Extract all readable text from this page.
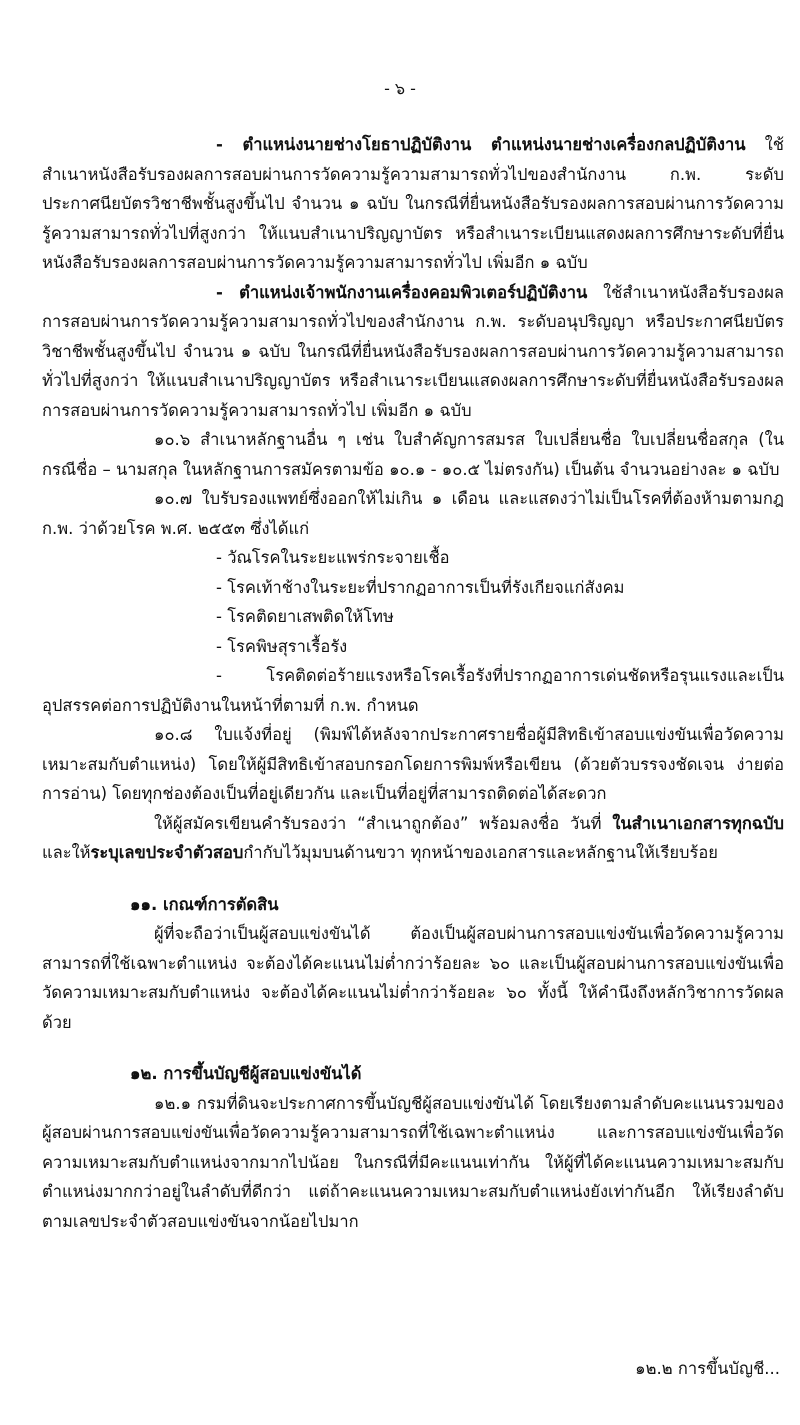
- ๖ -

- ตำแหน่งนายช่างโยธาปฏิบัติงาน ตำแหน่งนายช่างเครื่องกลปฏิบัติงาน ใช้สำเนาหนังสือรับรองผลการสอบผ่านการวัดความรู้ความสามารถทั่วไปของสำนักงาน ก.พ. ระดับประกาศนียบัตรวิชาชีพชั้นสูงขึ้นไป จำนวน ๑ ฉบับ ในกรณีที่ยื่นหนังสือรับรองผลการสอบผ่านการวัดความรู้ความสามารถทั่วไปที่สูงกว่า ให้แนบสำเนาปริญญาบัตร หรือสำเนาระเบียนแสดงผลการศึกษาระดับที่ยื่นหนังสือรับรองผลการสอบผ่านการวัดความรู้ความสามารถทั่วไป เพิ่มอีก ๑ ฉบับ

- ตำแหน่งเจ้าพนักงานเครื่องคอมพิวเตอร์ปฏิบัติงาน ใช้สำเนาหนังสือรับรองผลการสอบผ่านการวัดความรู้ความสามารถทั่วไปของสำนักงาน ก.พ. ระดับอนุปริญญา หรือประกาศนียบัตรวิชาชีพชั้นสูงขึ้นไป จำนวน ๑ ฉบับ ในกรณีที่ยื่นหนังสือรับรองผลการสอบผ่านการวัดความรู้ความสามารถทั่วไปที่สูงกว่า ให้แนบสำเนาปริญญาบัตร หรือสำเนาระเบียนแสดงผลการศึกษาระดับที่ยื่นหนังสือรับรองผลการสอบผ่านการวัดความรู้ความสามารถทั่วไป เพิ่มอีก ๑ ฉบับ

๑๐.๖ สำเนาหลักฐานอื่น ๆ เช่น ใบสำคัญการสมรส ใบเปลี่ยนชื่อ ใบเปลี่ยนชื่อสกุล (ในกรณีชื่อ – นามสกุล ในหลักฐานการสมัครตามข้อ ๑๐.๑ - ๑๐.๕ ไม่ตรงกัน) เป็นต้น จำนวนอย่างละ ๑ ฉบับ

๑๐.๗ ใบรับรองแพทย์ซึ่งออกให้ไม่เกิน ๑ เดือน และแสดงว่าไม่เป็นโรคที่ต้องห้ามตามกฎ ก.พ. ว่าด้วยโรค พ.ศ. ๒๕๕๓ ซึ่งได้แก่

- วัณโรคในระยะแพร่กระจายเชื้อ

- โรคเท้าช้างในระยะที่ปรากฏอาการเป็นที่รังเกียจแก่สังคม

- โรคติดยาเสพติดให้โทษ

- โรคพิษสุราเรื้อรัง

- โรคติดต่อร้ายแรงหรือโรคเรื้อรังที่ปรากฏอาการเด่นชัดหรือรุนแรงและเป็นอุปสรรคต่อการปฏิบัติงานในหน้าที่ตามที่ ก.พ. กำหนด

๑๐.๘ ใบแจ้งที่อยู่ (พิมพ์ได้หลังจากประกาศรายชื่อผู้มีสิทธิเข้าสอบแข่งขันเพื่อวัดความเหมาะสมกับตำแหน่ง) โดยให้ผู้มีสิทธิเข้าสอบกรอกโดยการพิมพ์หรือเขียน (ด้วยตัวบรรจงชัดเจน ง่ายต่อการอ่าน) โดยทุกช่องต้องเป็นที่อยู่เดียวกัน และเป็นที่อยู่ที่สามารถติดต่อได้สะดวก

ให้ผู้สมัครเขียนคำรับรองว่า “สำเนาถูกต้อง” พร้อมลงชื่อ วันที่ ในสำเนาเอกสารทุกฉบับ และให้ระบุเลขประจำตัวสอบกำกับไว้มุมบนด้านขวา ทุกหน้าของเอกสารและหลักฐานให้เรียบร้อย

๑๑. เกณฑ์การตัดสิน

ผู้ที่จะถือว่าเป็นผู้สอบแข่งขันได้ ต้องเป็นผู้สอบผ่านการสอบแข่งขันเพื่อวัดความรู้ความสามารถที่ใช้เฉพาะตำแหน่ง จะต้องได้คะแนนไม่ต่ำกว่าร้อยละ ๖๐ และเป็นผู้สอบผ่านการสอบแข่งขันเพื่อวัดความเหมาะสมกับตำแหน่ง จะต้องได้คะแนนไม่ต่ำกว่าร้อยละ ๖๐ ทั้งนี้ ให้คำนึงถึงหลักวิชาการวัดผลด้วย

๑๒. การขึ้นบัญชีผู้สอบแข่งขันได้

๑๒.๑ กรมที่ดินจะประกาศการขึ้นบัญชีผู้สอบแข่งขันได้ โดยเรียงตามลำดับคะแนนรวมของผู้สอบผ่านการสอบแข่งขันเพื่อวัดความรู้ความสามารถที่ใช้เฉพาะตำแหน่ง และการสอบแข่งขันเพื่อวัดความเหมาะสมกับตำแหน่งจากมากไปน้อย ในกรณีที่มีคะแนนเท่ากัน ให้ผู้ที่ได้คะแนนความเหมาะสมกับตำแหน่งมากกว่าอยู่ในลำดับที่ดีกว่า แต่ถ้าคะแนนความเหมาะสมกับตำแหน่งยังเท่ากันอีก ให้เรียงลำดับตามเลขประจำตัวสอบแข่งขันจากน้อยไปมาก

๑๒.๒ การขึ้นบัญชี...
